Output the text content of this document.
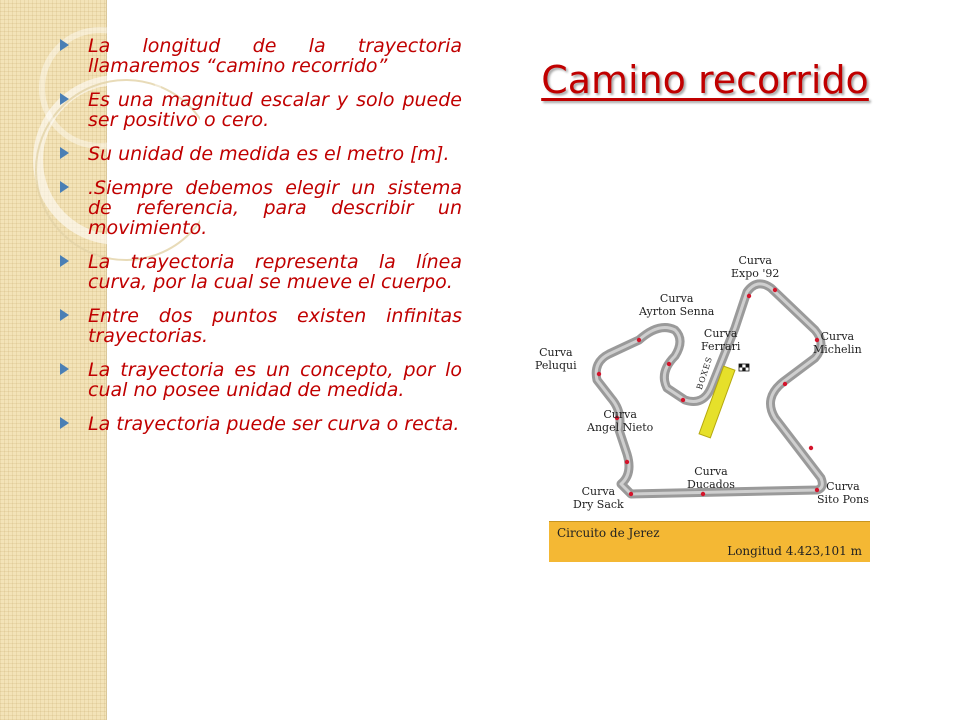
Camino recorrido
La longitud de la trayectoria llamaremos “camino recorrido”
Es una magnitud escalar y solo puede ser positivo o cero.
Su unidad de medida es el metro [m].
.Siempre debemos elegir un sistema de referencia, para describir un movimiento.
La trayectoria representa la línea curva, por la cual se mueve el cuerpo.
Entre dos puntos existen infinitas trayectorias.
La trayectoria es un concepto, por lo cual no posee unidad de medida.
La trayectoria puede ser curva o recta.
BOXES
Curva
Expo '92
Curva
Ayrton Senna
Curva
Ferrari
Curva
Michelin
Curva
Peluqui
Curva
Angel Nieto
Curva
Ducados	Curva
Sito Pons
Curva
Dry Sack
Circuito de Jerez
Longitud 4.423,101 m
